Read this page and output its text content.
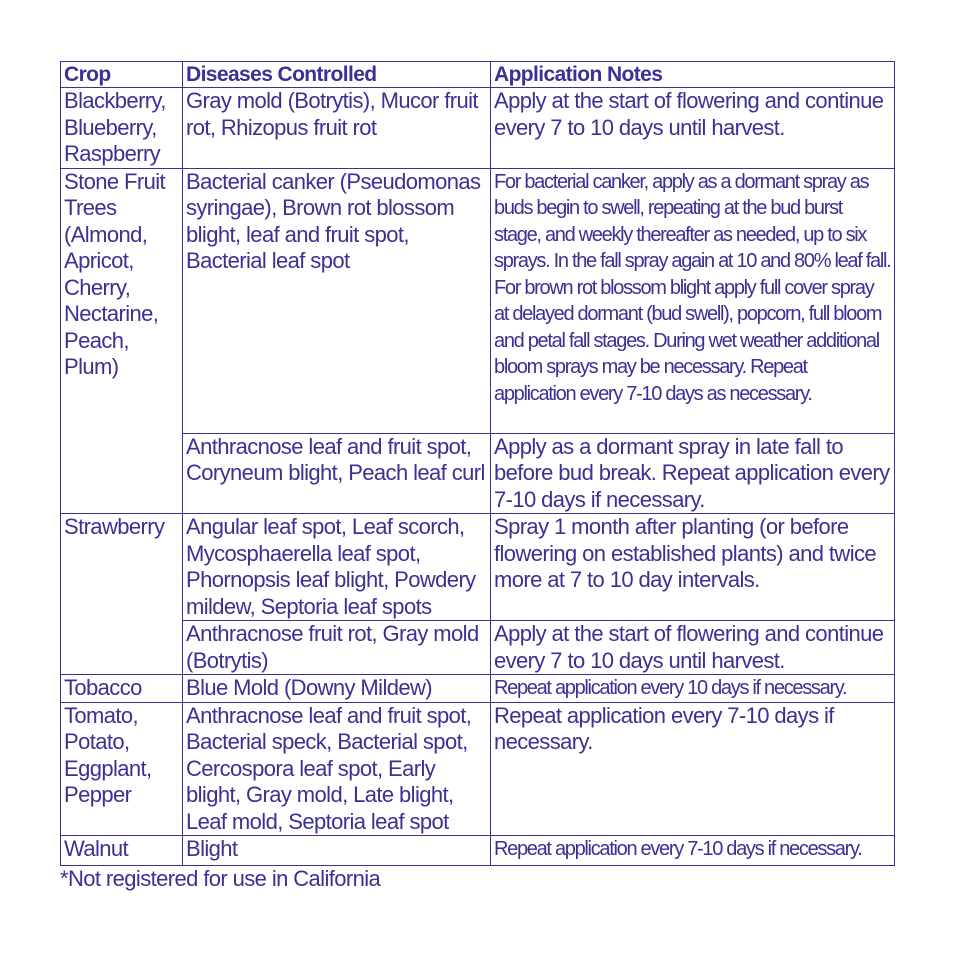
Crop	Diseases Controlled	Application Notes
Blackberry, Blueberry, Raspberry	Gray mold (Botrytis), Mucor fruit rot, Rhizopus fruit rot	Apply at the start of flowering and continue every 7 to 10 days until harvest.
Stone Fruit Trees (Almond, Apricot, Cherry, Nectarine, Peach, Plum)	Bacterial canker (Pseudomonas syringae), Brown rot blossom blight, leaf and fruit spot, Bacterial leaf spot	For bacterial canker, apply as a dormant spray as buds begin to swell, repeating at the bud burst stage, and weekly thereafter as needed, up to six sprays. In the fall spray again at 10 and 80% leaf fall. For brown rot blossom blight apply full cover spray at delayed dormant (bud swell), popcorn, full bloom and petal fall stages. During wet weather additional bloom sprays may be necessary. Repeat application every 7-10 days as necessary.
	Anthracnose leaf and fruit spot, Coryneum blight, Peach leaf curl	Apply as a dormant spray in late fall to before bud break. Repeat application every 7-10 days if necessary.
Strawberry	Angular leaf spot, Leaf scorch, Mycosphaerella leaf spot, Phornopsis leaf blight, Powdery mildew, Septoria leaf spots	Spray 1 month after planting (or before flowering on established plants) and twice more at 7 to 10 day intervals.
	Anthracnose fruit rot, Gray mold (Botrytis)	Apply at the start of flowering and continue every 7 to 10 days until harvest.
Tobacco	Blue Mold (Downy Mildew)	Repeat application every 10 days if necessary.
Tomato, Potato, Eggplant, Pepper	Anthracnose leaf and fruit spot, Bacterial speck, Bacterial spot, Cercospora leaf spot, Early blight, Gray mold, Late blight, Leaf mold, Septoria leaf spot	Repeat application every 7-10 days if necessary.
Walnut	Blight	Repeat application every 7-10 days if necessary.
*Not registered for use in California
